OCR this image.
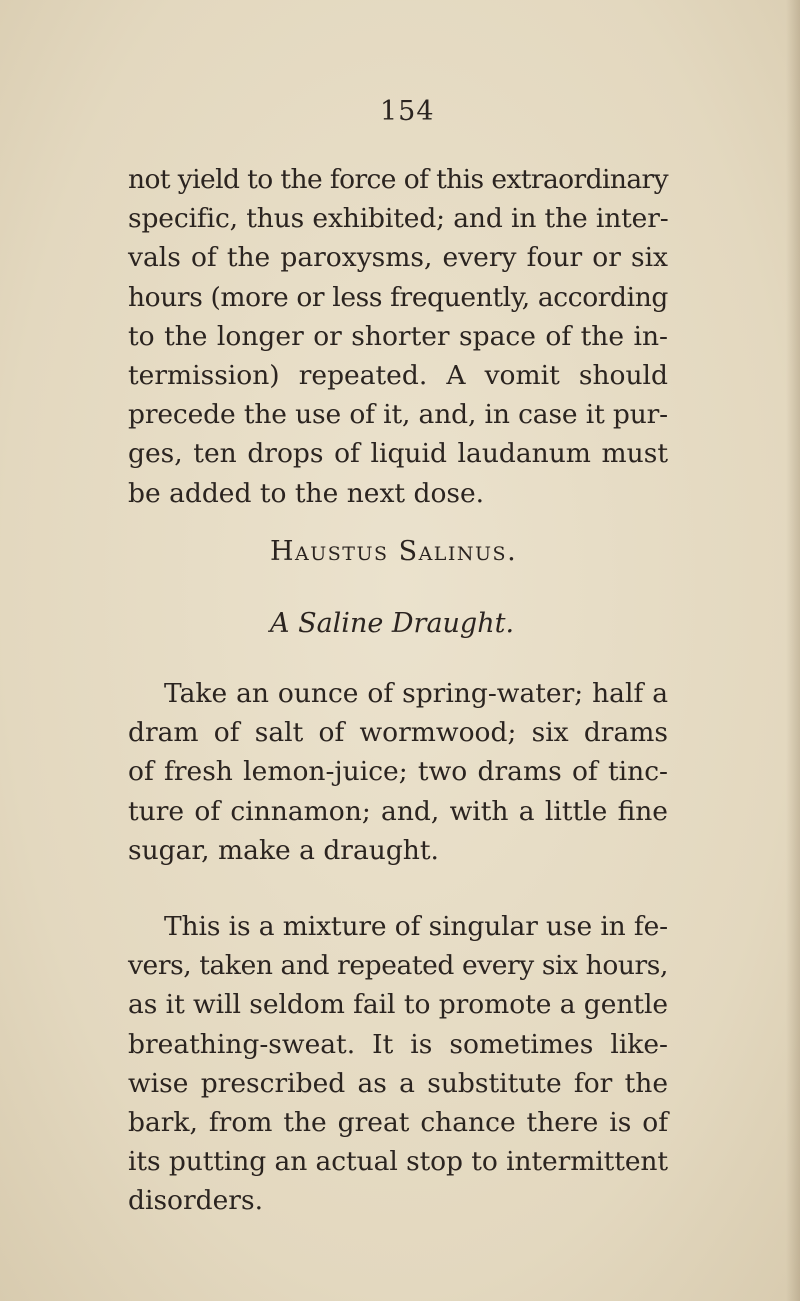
154
not yield to the force of this extraordinary
specific, thus exhibited; and in the inter-
vals of the paroxysms, every four or six
hours (more or less frequently, according
to the longer or shorter space of the in-
termission) repeated. A vomit should
precede the use of it, and, in case it pur-
ges, ten drops of liquid laudanum must
be added to the next dose.
Haustus Salinus.
A Saline Draught.
Take an ounce of spring-water; half a
dram of salt of wormwood; six drams
of fresh lemon-juice; two drams of tinc-
ture of cinnamon; and, with a little fine
sugar, make a draught.
This is a mixture of singular use in fe-
vers, taken and repeated every six hours,
as it will seldom fail to promote a gentle
breathing-sweat. It is sometimes like-
wise prescribed as a substitute for the
bark, from the great chance there is of
its putting an actual stop to intermittent
disorders.
